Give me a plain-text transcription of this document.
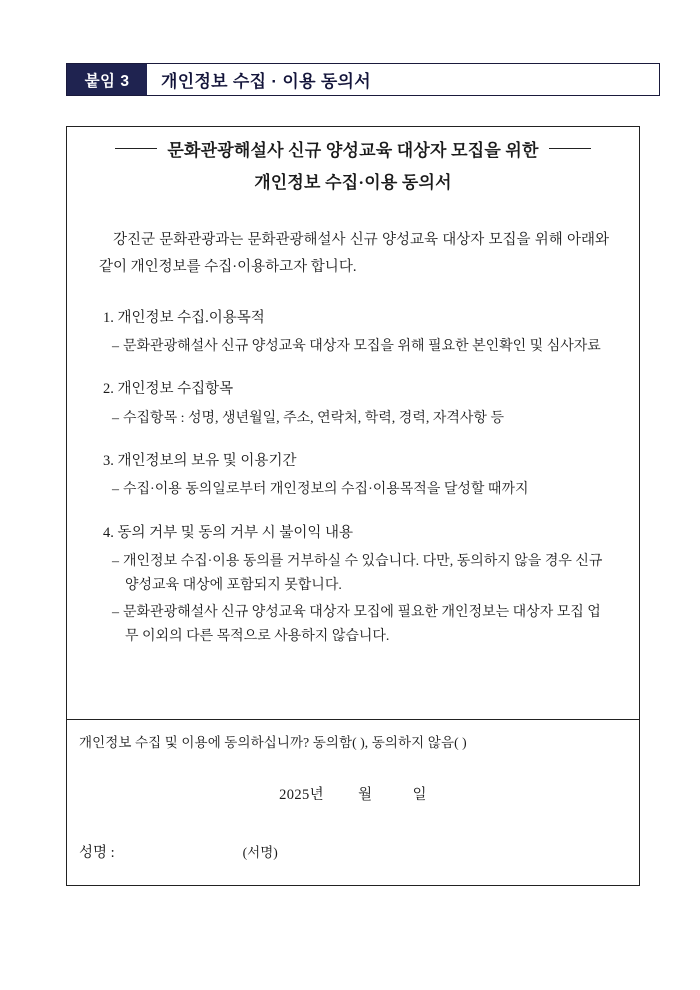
붙임 3	개인정보 수집 · 이용 동의서
문화관광해설사 신규 양성교육 대상자 모집을 위한
개인정보 수집·이용 동의서
강진군 문화관광과는 문화관광해설사 신규 양성교육 대상자 모집을 위해 아래와 같이 개인정보를 수집·이용하고자 합니다.
1. 개인정보 수집.이용목적
– 문화관광해설사 신규 양성교육 대상자 모집을 위해 필요한 본인확인 및 심사자료
2. 개인정보 수집항목
– 수집항목 : 성명, 생년월일, 주소, 연락처, 학력, 경력, 자격사항 등
3. 개인정보의 보유 및 이용기간
– 수집·이용 동의일로부터 개인정보의 수집·이용목적을 달성할 때까지
4. 동의 거부 및 동의 거부 시 불이익 내용
– 개인정보 수집·이용 동의를 거부하실 수 있습니다. 다만, 동의하지 않을 경우 신규 양성교육 대상에 포함되지 못합니다.
– 문화관광해설사 신규 양성교육 대상자 모집에 필요한 개인정보는 대상자 모집 업무 이외의 다른 목적으로 사용하지 않습니다.
개인정보 수집 및 이용에 동의하십니까? 동의함( ), 동의하지 않음( )
2025년 월	일
성명 :	(서명)
